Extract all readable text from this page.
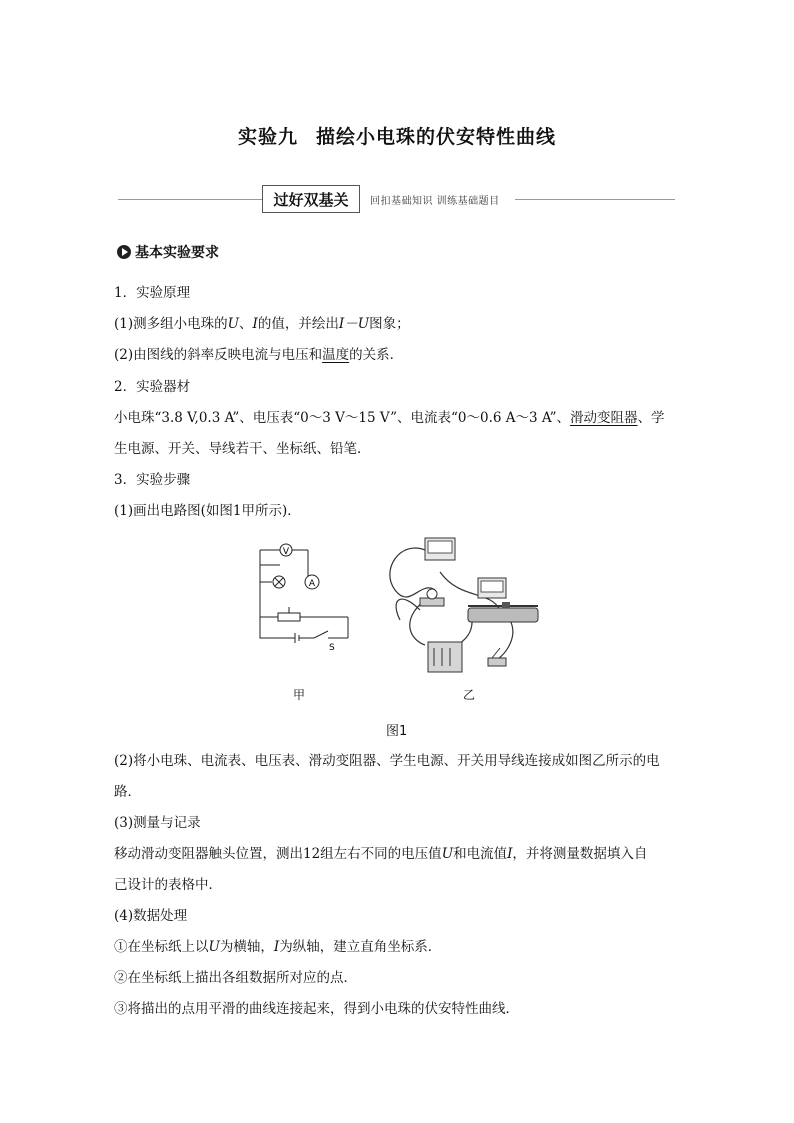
实验九 描绘小电珠的伏安特性曲线
过好双基关	回扣基础知识 训练基础题目
基本实验要求
1．实验原理
(1)测多组小电珠的U、I的值，并绘出I－U图象；
(2)由图线的斜率反映电流与电压和温度的关系．
2．实验器材
小电珠“3.8 V,0.3 A”、电压表“0～3 V～15 V”、电流表“0～0.6 A～3 A”、滑动变阻器、学
生电源、开关、导线若干、坐标纸、铅笔．
3．实验步骤
(1)画出电路图(如图1甲所示)．
V
A
S
甲	乙
图1
(2)将小电珠、电流表、电压表、滑动变阻器、学生电源、开关用导线连接成如图乙所示的电
路．
(3)测量与记录
移动滑动变阻器触头位置，测出12组左右不同的电压值U和电流值I，并将测量数据填入自
己设计的表格中．
(4)数据处理
①在坐标纸上以U为横轴，I为纵轴，建立直角坐标系．
②在坐标纸上描出各组数据所对应的点．
③将描出的点用平滑的曲线连接起来，得到小电珠的伏安特性曲线．
